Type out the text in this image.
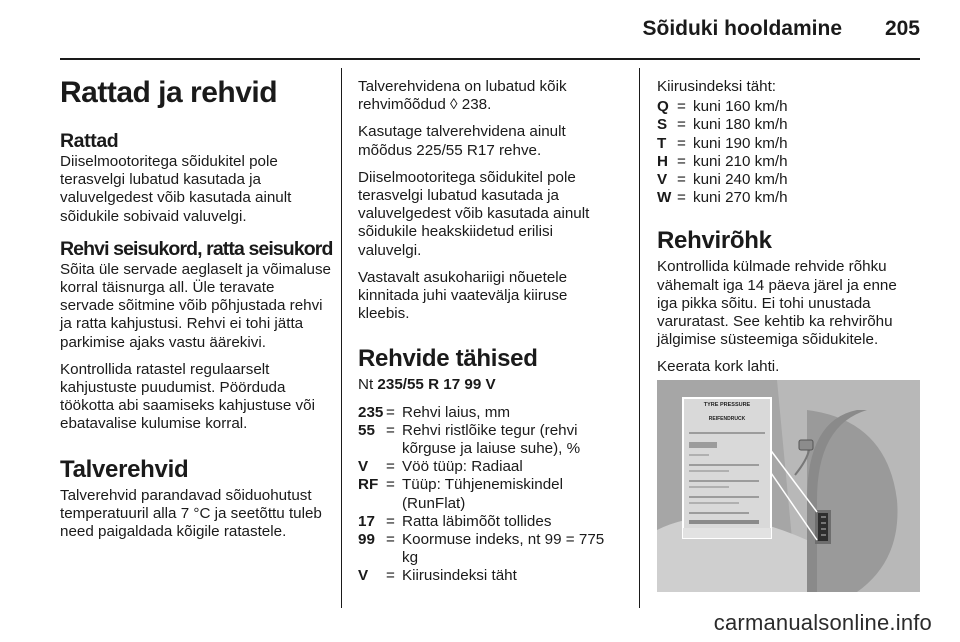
Sõiduki hooldamine 205
Rattad ja rehvid
Rattad

Diiselmootoritega sõidukitel pole terasvelgi lubatud kasutada ja valuvelgedest võib kasutada ainult sõidukile sobivaid valuvelgi.

Rehvi seisukord, ratta seisukord

Sõita üle servade aeglaselt ja võimaluse korral täisnurga all. Üle teravate servade sõitmine võib põhjustada rehvi ja ratta kahjustusi. Rehvi ei tohi jätta parkimise ajaks vastu äärekivi.

Kontrollida ratastel regulaarselt kahjustuste puudumist. Pöörduda töökotta abi saamiseks kahjustuse või ebatavalise kulumise korral.

Talverehvid

Talverehvid parandavad sõiduohutust temperatuuril alla 7 °C ja seetõttu tuleb need paigaldada kõigile ratastele.

Talverehvidena on lubatud kõik rehvimõõdud ◊ 238.

Kasutage talverehvidena ainult mõõdus 225/55 R17 rehve.

Diiselmootoritega sõidukitel pole terasvelgi lubatud kasutada ja valuvelgedest võib kasutada ainult sõidukile heakskiidetud erilisi valuvelgi.

Vastavalt asukohariigi nõuetele kinnitada juhi vaatevälja kiiruse kleebis.

Rehvide tähised
Nt 235/55 R 17 99 V
235 = Rehvi laius, mm
55 = Rehvi ristlõike tegur (rehvi kõrguse ja laiuse suhe), %
V	= Vöö tüüp: Radiaal
RF = Tüüp: Tühjenemiskindel (RunFlat)
17 = Ratta läbimõõt tollides
99 = Koormuse indeks, nt 99 = 775 kg
V	= Kiirusindeksi täht

Kiirusindeksi täht:

Q = kuni 160 km/h
S = kuni 180 km/h
T = kuni 190 km/h
H = kuni 210 km/h
V = kuni 240 km/h
W = kuni 270 km/h
Rehvirõhk

Kontrollida külmade rehvide rõhku vähemalt iga 14 päeva järel ja enne iga pikka sõitu. Ei tohi unustada varuratast. See kehtib ka rehvirõhu jälgimise süsteemiga sõidukitele.

Keerata kork lahti.

TYRE PRESSURE
REIFENDRUCK
carmanualsonline.info
